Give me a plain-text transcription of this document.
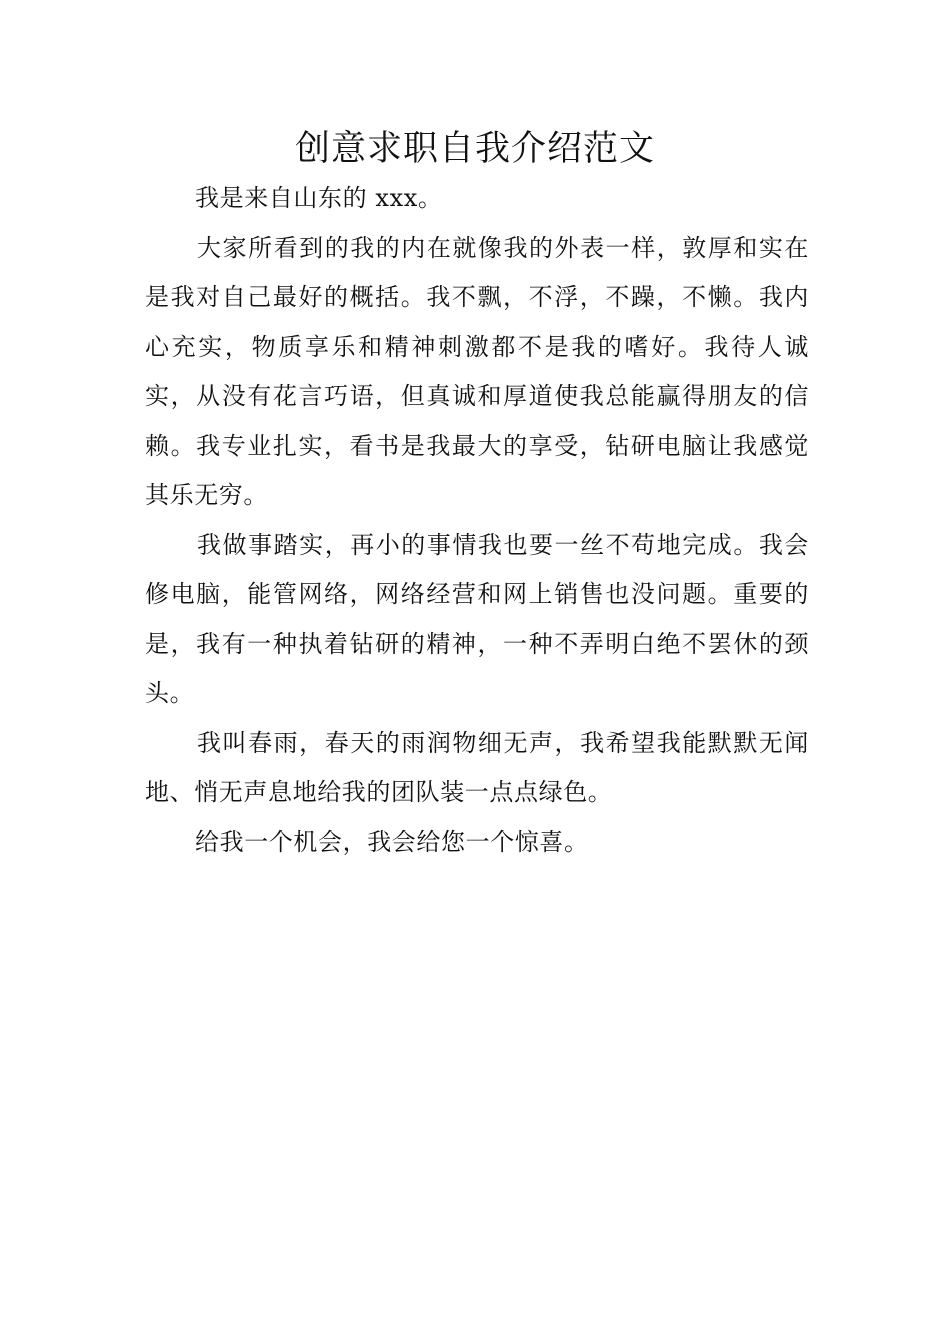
创意求职自我介绍范文

我是来自山东的 xxx。

大家所看到的我的内在就像我的外表一样，敦厚和实在是我对自己最好的概括。我不飘，不浮，不躁，不懒。我内心充实，物质享乐和精神刺激都不是我的嗜好。我待人诚实，从没有花言巧语，但真诚和厚道使我总能赢得朋友的信赖。我专业扎实，看书是我最大的享受，钻研电脑让我感觉其乐无穷。

我做事踏实，再小的事情我也要一丝不苟地完成。我会修电脑，能管网络，网络经营和网上销售也没问题。重要的是，我有一种执着钻研的精神，一种不弄明白绝不罢休的颈头。

我叫春雨，春天的雨润物细无声，我希望我能默默无闻地、悄无声息地给我的团队装一点点绿色。

给我一个机会，我会给您一个惊喜。
